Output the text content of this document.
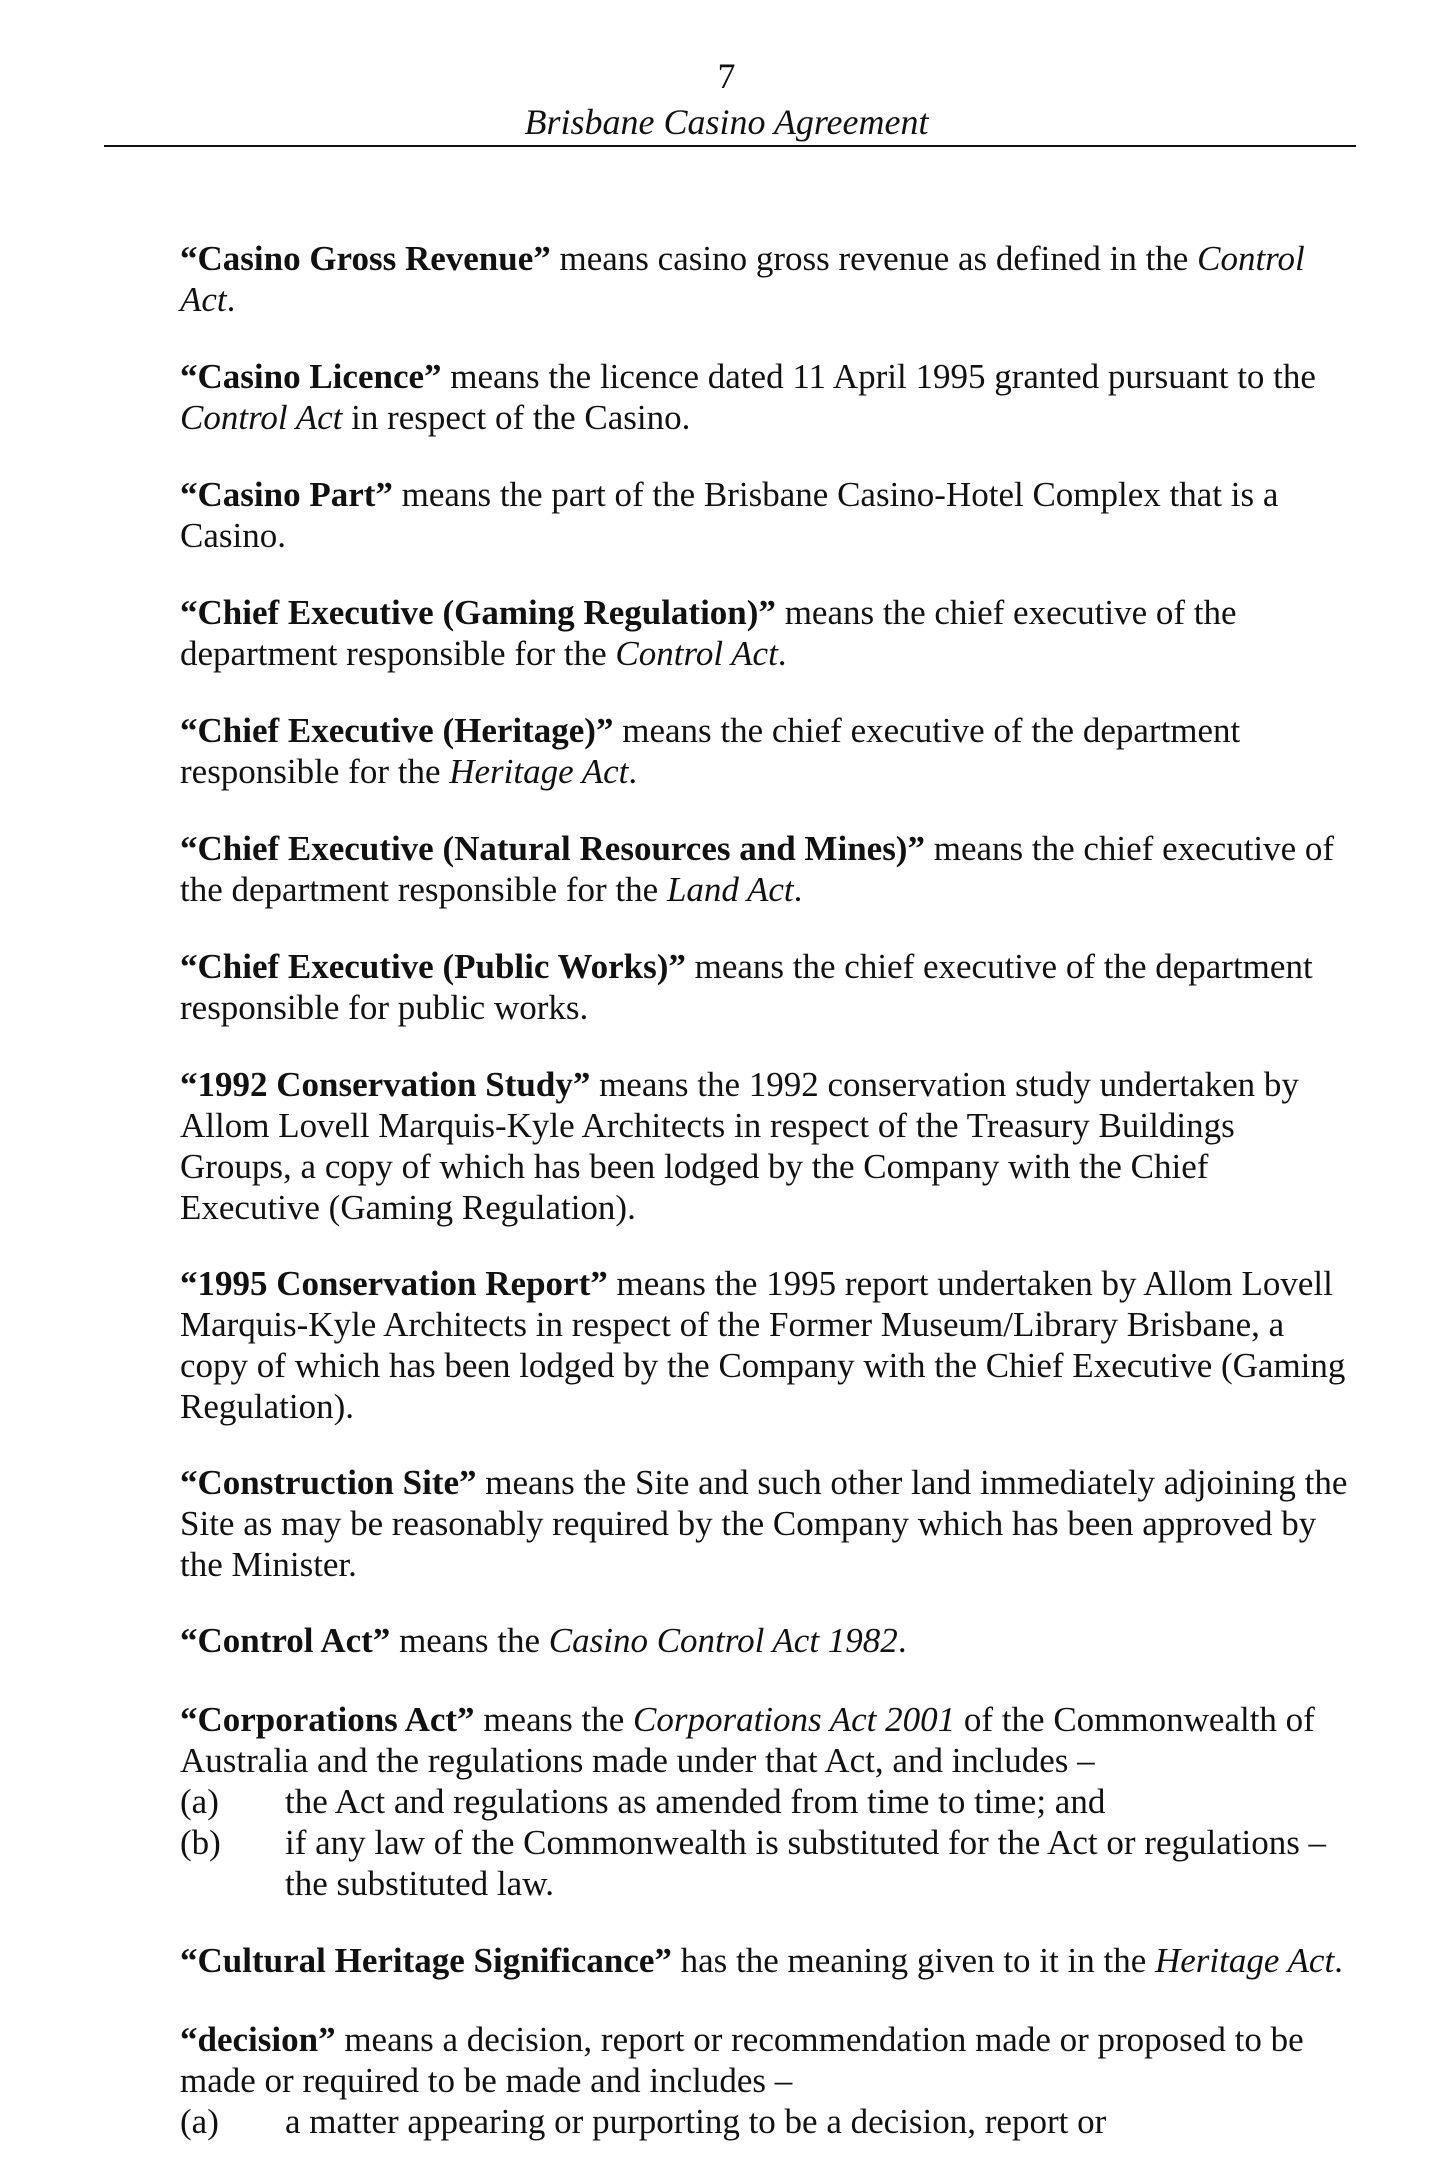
7
Brisbane Casino Agreement

“Casino Gross Revenue” means casino gross revenue as defined in the Control Act.

“Casino Licence” means the licence dated 11 April 1995 granted pursuant to the Control Act in respect of the Casino.

“Casino Part” means the part of the Brisbane Casino-Hotel Complex that is a Casino.

“Chief Executive (Gaming Regulation)” means the chief executive of the department responsible for the Control Act.

“Chief Executive (Heritage)” means the chief executive of the department responsible for the Heritage Act.

“Chief Executive (Natural Resources and Mines)” means the chief executive of the department responsible for the Land Act.

“Chief Executive (Public Works)” means the chief executive of the department responsible for public works.

“1992 Conservation Study” means the 1992 conservation study undertaken by Allom Lovell Marquis-Kyle Architects in respect of the Treasury Buildings Groups, a copy of which has been lodged by the Company with the Chief Executive (Gaming Regulation).

“1995 Conservation Report” means the 1995 report undertaken by Allom Lovell Marquis-Kyle Architects in respect of the Former Museum/Library Brisbane, a copy of which has been lodged by the Company with the Chief Executive (Gaming Regulation).

“Construction Site” means the Site and such other land immediately adjoining the Site as may be reasonably required by the Company which has been approved by the Minister.

“Control Act” means the Casino Control Act 1982.

“Corporations Act” means the Corporations Act 2001 of the Commonwealth of Australia and the regulations made under that Act, and includes –

(a) the Act and regulations as amended from time to time; and
(b) if any law of the Commonwealth is substituted for the Act or regulations – the substituted law.

“Cultural Heritage Significance” has the meaning given to it in the Heritage Act.

“decision” means a decision, report or recommendation made or proposed to be made or required to be made and includes –

(a) a matter appearing or purporting to be a decision, report or
